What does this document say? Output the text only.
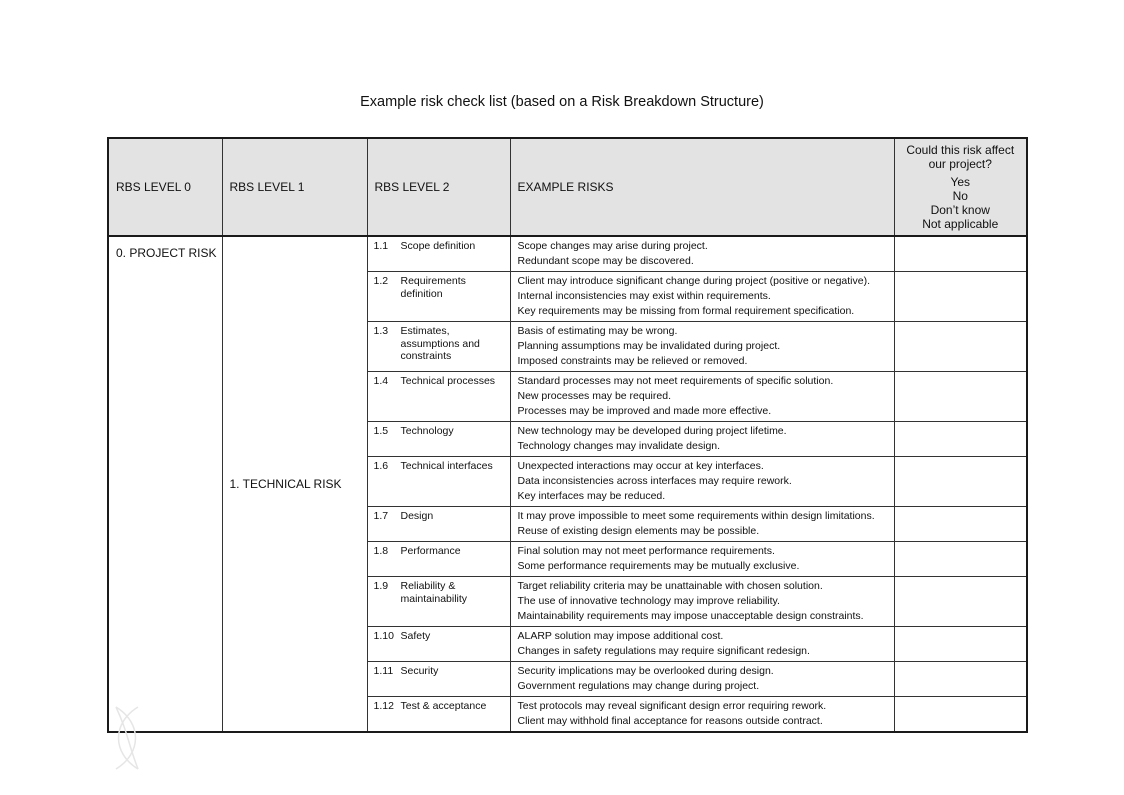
Example risk check list (based on a Risk Breakdown Structure)
RBS LEVEL 0	RBS LEVEL 1	RBS LEVEL 2	EXAMPLE RISKS	Could this risk affect our project?
Yes
No
Don’t know
Not applicable

0. PROJECT RISK	1. TECHNICAL RISK	1.1 Scope definition	Scope changes may arise during project.
Redundant scope may be discovered.	

		1.2 Requirements definition	Client may introduce significant change during project (positive or negative).
Internal inconsistencies may exist within requirements.
Key requirements may be missing from formal requirement specification.	

		1.3 Estimates, assumptions and constraints	Basis of estimating may be wrong.
Planning assumptions may be invalidated during project.
Imposed constraints may be relieved or removed.	

		1.4 Technical processes	Standard processes may not meet requirements of specific solution.
New processes may be required.
Processes may be improved and made more effective.	

		1.5 Technology	New technology may be developed during project lifetime.
Technology changes may invalidate design.	

		1.6 Technical interfaces	Unexpected interactions may occur at key interfaces.
Data inconsistencies across interfaces may require rework.
Key interfaces may be reduced.	

		1.7 Design	It may prove impossible to meet some requirements within design limitations.
Reuse of existing design elements may be possible.	

		1.8 Performance	Final solution may not meet performance requirements.
Some performance requirements may be mutually exclusive.	

		1.9 Reliability & maintainability	Target reliability criteria may be unattainable with chosen solution.
The use of innovative technology may improve reliability.
Maintainability requirements may impose unacceptable design constraints.	

		1.10 Safety	ALARP solution may impose additional cost.
Changes in safety regulations may require significant redesign.	

		1.11 Security	Security implications may be overlooked during design.
Government regulations may change during project.	

		1.12 Test & acceptance	Test protocols may reveal significant design error requiring rework.
Client may withhold final acceptance for reasons outside contract.	
